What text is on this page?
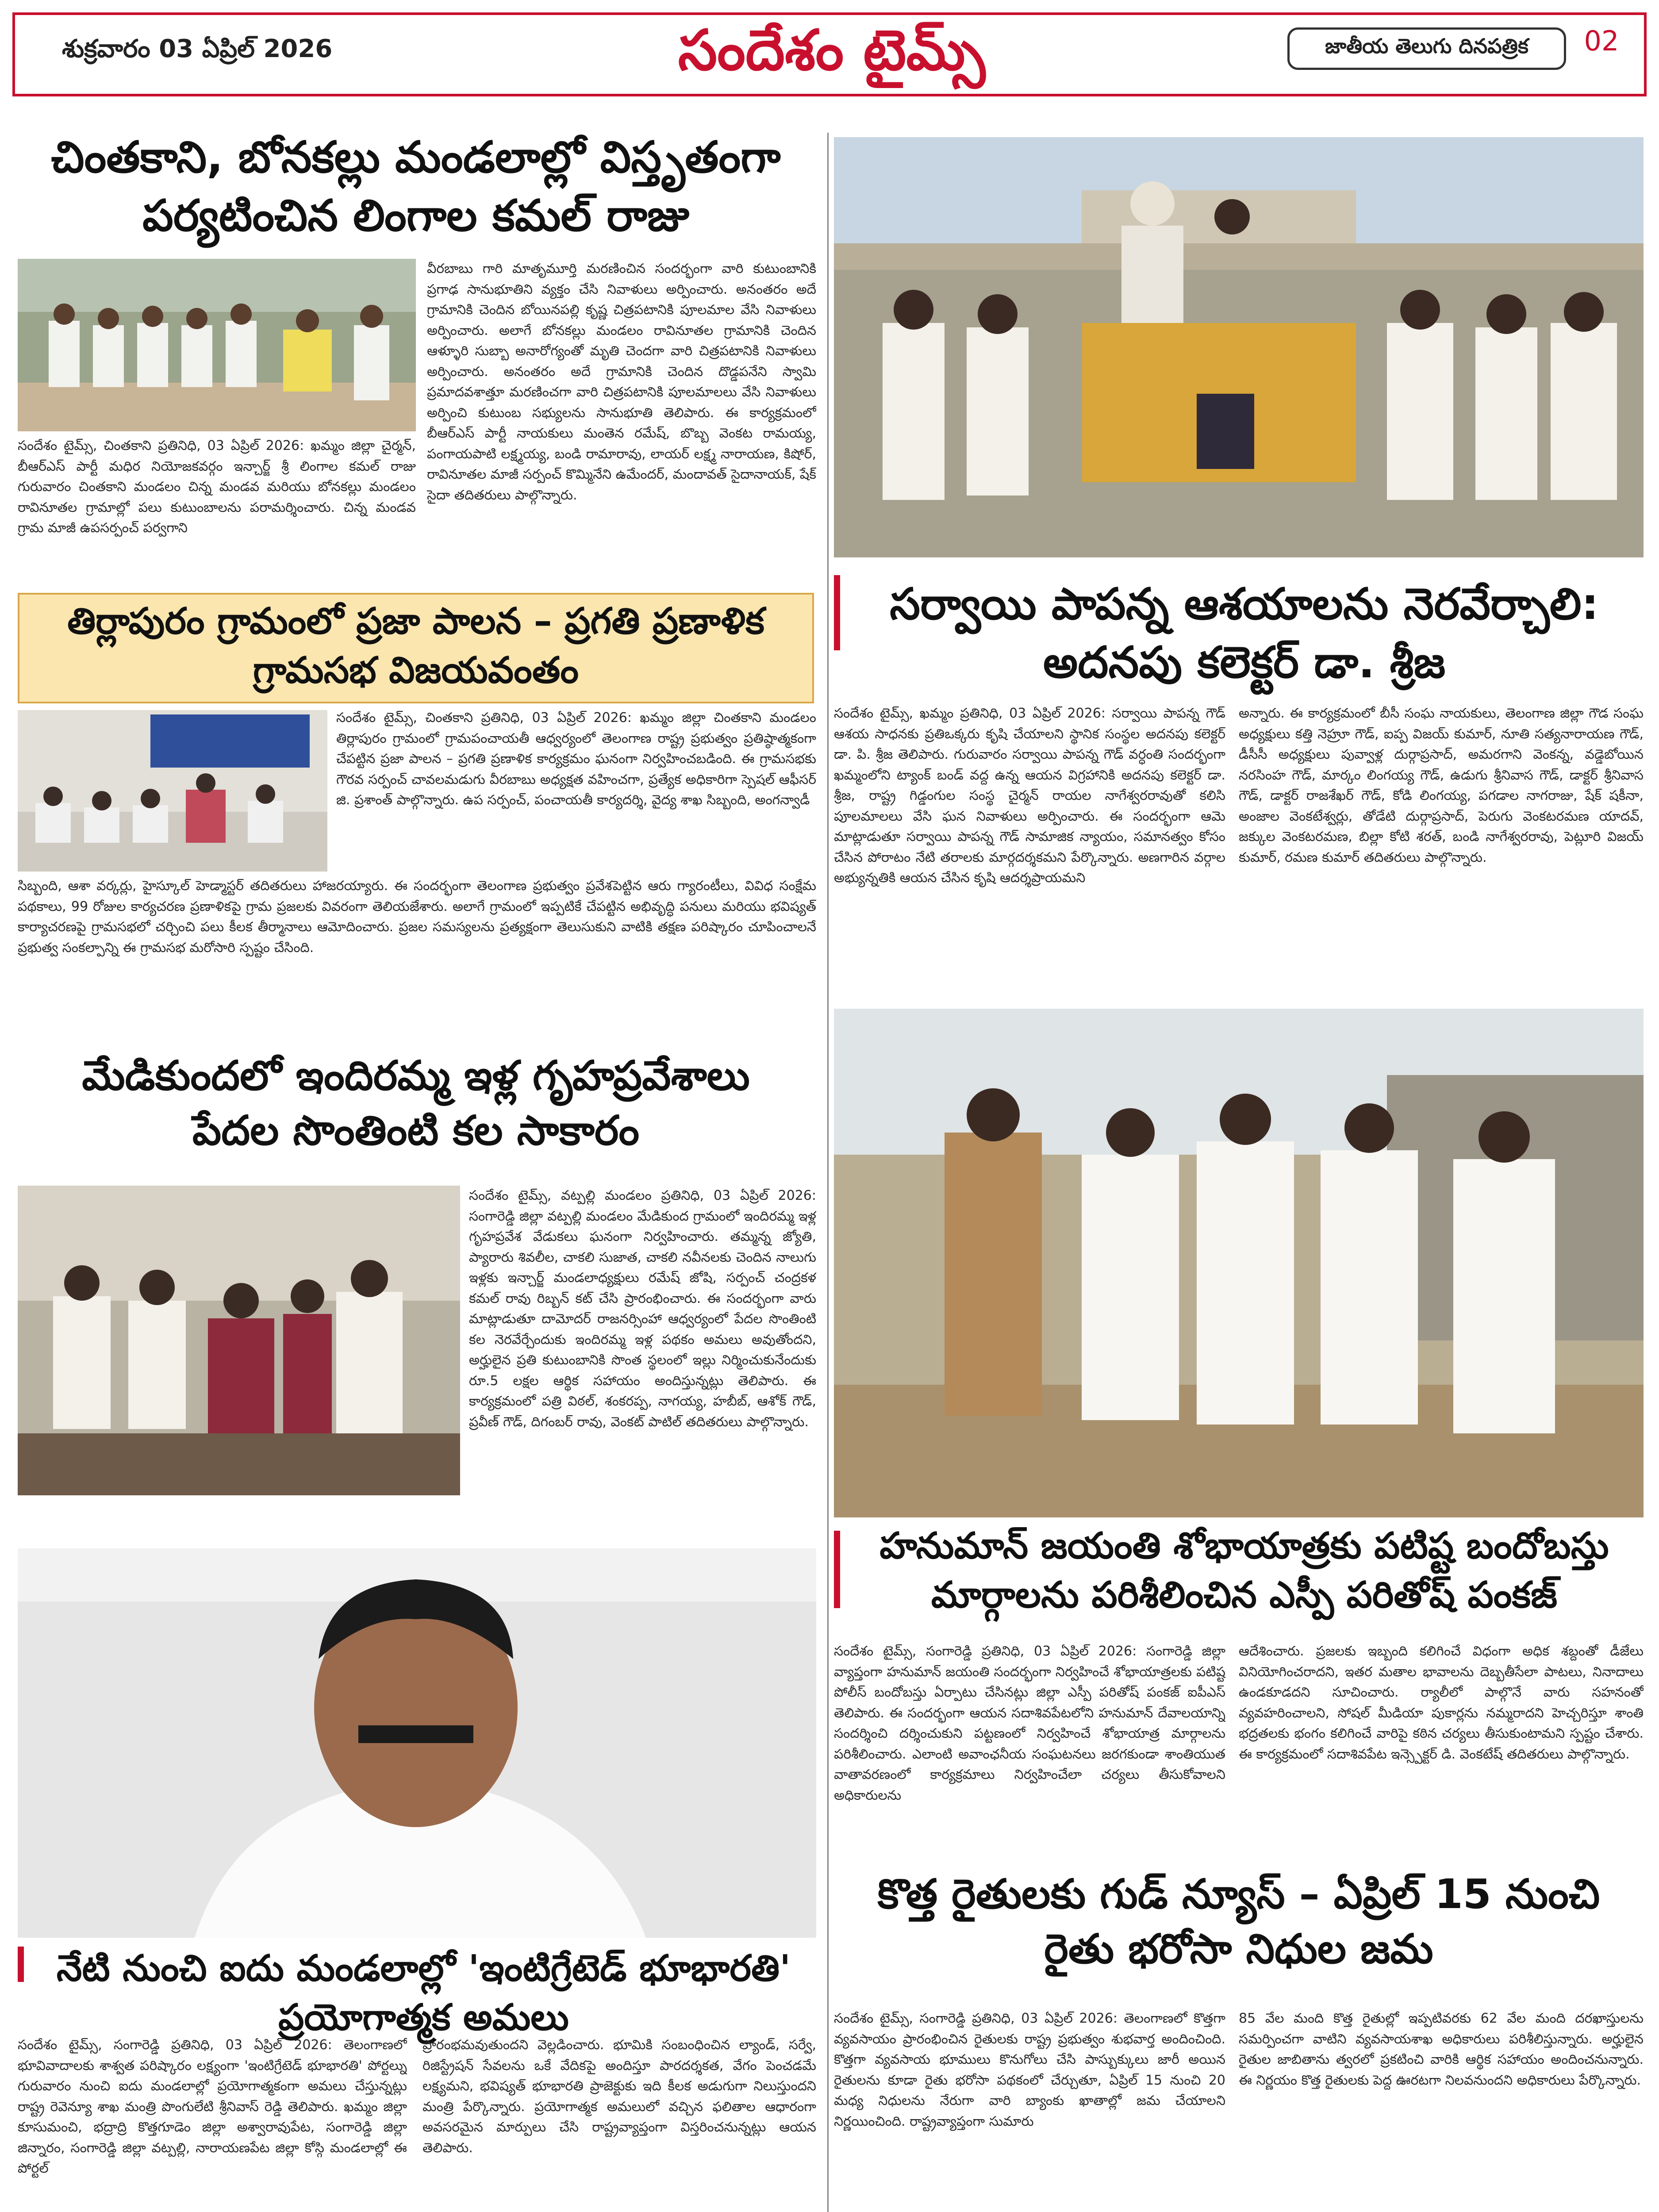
శుక్రవారం 03 ఏప్రిల్ 2026	సందేశం టైమ్స్	జాతీయ తెలుగు దినపత్రిక	02
చింతకాని, బోనకల్లు మండలాల్లో విస్తృతంగా
పర్యటించిన లింగాల కమల్ రాజు
సందేశం టైమ్స్, చింతకాని ప్రతినిధి, 03 ఏప్రిల్ 2026: ఖమ్మం జిల్లా చైర్మన్, బీఆర్ఎస్ పార్టీ మధిర నియోజకవర్గం ఇన్చార్జ్ శ్రీ లింగాల కమల్ రాజు గురువారం చింతకాని మండలం చిన్న మండవ మరియు బోనకల్లు మండలం రావినూతల గ్రామాల్లో పలు కుటుంబాలను పరామర్శించారు. చిన్న మండవ గ్రామ మాజీ ఉపసర్పంచ్ పర్వగాని
వీరబాబు గారి మాతృమూర్తి మరణించిన సందర్భంగా వారి కుటుంబానికి ప్రగాఢ సానుభూతిని వ్యక్తం చేసి నివాళులు అర్పించారు. అనంతరం అదే గ్రామానికి చెందిన బోయినపల్లి కృష్ణ చిత్రపటానికి పూలమాల వేసి నివాళులు అర్పించారు. అలాగే బోనకల్లు మండలం రావినూతల గ్రామానికి చెందిన ఆళ్ళూరి సుబ్బా అనారోగ్యంతో మృతి చెందగా వారి చిత్రపటానికి నివాళులు అర్పించారు. అనంతరం అదే గ్రామానికి చెందిన దొడ్డపనేని స్వామి ప్రమాదవశాత్తూ మరణించగా వారి చిత్రపటానికి పూలమాలలు వేసి నివాళులు అర్పించి కుటుంబ సభ్యులను సానుభూతి తెలిపారు. ఈ కార్యక్రమంలో బీఆర్ఎస్ పార్టీ నాయకులు మంతెన రమేష్, బొబ్బ వెంకట రామయ్య, పంగాయపాటి లక్ష్మయ్య, బండి రామారావు, లాయర్ లక్ష్మ నారాయణ, కిషోర్, రావినూతల మాజీ సర్పంచ్ కొమ్మినేని ఉమేందర్, మందావత్ సైదానాయక్, షేక్ సైదా తదితరులు పాల్గొన్నారు.
తిర్లాపురం గ్రామంలో ప్రజా పాలన – ప్రగతి ప్రణాళిక
గ్రామసభ విజయవంతం
సందేశం టైమ్స్, చింతకాని ప్రతినిధి, 03 ఏప్రిల్ 2026: ఖమ్మం జిల్లా చింతకాని మండలం తిర్లాపురం గ్రామంలో గ్రామపంచాయతీ ఆధ్వర్యంలో తెలంగాణ రాష్ట్ర ప్రభుత్వం ప్రతిష్ఠాత్మకంగా చేపట్టిన ప్రజా పాలన – ప్రగతి ప్రణాళిక కార్యక్రమం ఘనంగా నిర్వహించబడింది. ఈ గ్రామసభకు గౌరవ సర్పంచ్ చావలమడుగు వీరబాబు అధ్యక్షత వహించగా, ప్రత్యేక అధికారిగా స్పెషల్ ఆఫీసర్ జి. ప్రశాంత్ పాల్గొన్నారు. ఉప సర్పంచ్, పంచాయతీ కార్యదర్శి, వైద్య శాఖ సిబ్బంది, అంగన్వాడీ
సిబ్బంది, ఆశా వర్కర్లు, హైస్కూల్ హెడ్మాస్టర్ తదితరులు హాజరయ్యారు. ఈ సందర్భంగా తెలంగాణ ప్రభుత్వం ప్రవేశపెట్టిన ఆరు గ్యారంటీలు, వివిధ సంక్షేమ పథకాలు, 99 రోజుల కార్యచరణ ప్రణాళికపై గ్రామ ప్రజలకు వివరంగా తెలియజేశారు. అలాగే గ్రామంలో ఇప్పటికే చేపట్టిన అభివృద్ధి పనులు మరియు భవిష్యత్ కార్యాచరణపై గ్రామసభలో చర్చించి పలు కీలక తీర్మానాలు ఆమోదించారు. ప్రజల సమస్యలను ప్రత్యక్షంగా తెలుసుకుని వాటికి తక్షణ పరిష్కారం చూపించాలనే ప్రభుత్వ సంకల్పాన్ని ఈ గ్రామసభ మరోసారి స్పష్టం చేసింది.
మేడికుందలో ఇందిరమ్మ ఇళ్ల గృహప్రవేశాలు
పేదల సొంతింటి కల సాకారం
సందేశం టైమ్స్, వట్పల్లి మండలం ప్రతినిధి, 03 ఏప్రిల్ 2026: సంగారెడ్డి జిల్లా వట్పల్లి మండలం మేడికుంద గ్రామంలో ఇందిరమ్మ ఇళ్ల గృహప్రవేశ వేడుకలు ఘనంగా నిర్వహించారు. తమ్మన్న జ్యోతి, ప్యారారు శివలీల, చాకలి సుజాత, చాకలి నవీనలకు చెందిన నాలుగు ఇళ్లకు ఇన్చార్జ్ మండలాధ్యక్షులు రమేష్ జోషి, సర్పంచ్ చంద్రకళ కమల్ రావు రిబ్బన్ కట్ చేసి ప్రారంభించారు. ఈ సందర్భంగా వారు మాట్లాడుతూ దామోదర్ రాజనర్సింహా ఆధ్వర్యంలో పేదల సొంతింటి కల నెరవేర్చేందుకు ఇందిరమ్మ ఇళ్ల పథకం అమలు అవుతోందని, అర్హులైన ప్రతి కుటుంబానికి సొంత స్థలంలో ఇల్లు నిర్మించుకునేందుకు రూ.5 లక్షల ఆర్థిక సహాయం అందిస్తున్నట్లు తెలిపారు. ఈ కార్యక్రమంలో పత్రి విఠల్, శంకరప్ప, నాగయ్య, హబీబ్, ఆశోక్ గౌడ్, ప్రవీణ్ గౌడ్, దిగంబర్ రావు, వెంకట్ పాటిల్ తదితరులు పాల్గొన్నారు.
నేటి నుంచి ఐదు మండలాల్లో 'ఇంటిగ్రేటెడ్ భూభారతి'
ప్రయోగాత్మక అమలు
సందేశం టైమ్స్, సంగారెడ్డి ప్రతినిధి, 03 ఏప్రిల్ 2026: తెలంగాణలో భూవివాదాలకు శాశ్వత పరిష్కారం లక్ష్యంగా 'ఇంటిగ్రేటెడ్ భూభారతి' పోర్టల్ను గురువారం నుంచి ఐదు మండలాల్లో ప్రయోగాత్మకంగా అమలు చేస్తున్నట్లు రాష్ట్ర రెవెన్యూ శాఖ మంత్రి పొంగులేటి శ్రీనివాస్ రెడ్డి తెలిపారు. ఖమ్మం జిల్లా కూసుమంచి, భద్రాద్రి కొత్తగూడెం జిల్లా అశ్వారావుపేట, సంగారెడ్డి జిల్లా జిన్నారం, సంగారెడ్డి జిల్లా వట్పల్లి, నారాయణపేట జిల్లా కోస్గి మండలాల్లో ఈ పోర్టల్
ప్రారంభమవుతుందని వెల్లడించారు. భూమికి సంబంధించిన ల్యాండ్, సర్వే, రిజిస్ట్రేషన్ సేవలను ఒకే వేదికపై అందిస్తూ పారదర్శకత, వేగం పెంచడమే లక్ష్యమని, భవిష్యత్ భూభారతి ప్రాజెక్టుకు ఇది కీలక అడుగుగా నిలుస్తుందని మంత్రి పేర్కొన్నారు. ప్రయోగాత్మక అమలులో వచ్చిన ఫలితాల ఆధారంగా అవసరమైన మార్పులు చేసి రాష్ట్రవ్యాప్తంగా విస్తరించనున్నట్లు ఆయన తెలిపారు.
సర్వాయి పాపన్న ఆశయాలను నెరవేర్చాలి:
అదనపు కలెక్టర్ డా. శ్రీజ
సందేశం టైమ్స్, ఖమ్మం ప్రతినిధి, 03 ఏప్రిల్ 2026: సర్వాయి పాపన్న గౌడ్ ఆశయ సాధనకు ప్రతిఒక్కరు కృషి చేయాలని స్థానిక సంస్థల అదనపు కలెక్టర్ డా. పి. శ్రీజ తెలిపారు. గురువారం సర్వాయి పాపన్న గౌడ్ వర్ధంతి సందర్భంగా ఖమ్మంలోని ట్యాంక్ బండ్ వద్ద ఉన్న ఆయన విగ్రహానికి అదనపు కలెక్టర్ డా. శ్రీజ, రాష్ట్ర గిడ్డంగుల సంస్థ చైర్మన్ రాయల నాగేశ్వరరావుతో కలిసి పూలమాలలు వేసి ఘన నివాళులు అర్పించారు. ఈ సందర్భంగా ఆమె మాట్లాడుతూ సర్వాయి పాపన్న గౌడ్ సామాజిక న్యాయం, సమానత్వం కోసం చేసిన పోరాటం నేటి తరాలకు మార్గదర్శకమని పేర్కొన్నారు. అణగారిన వర్గాల అభ్యున్నతికి ఆయన చేసిన కృషి ఆదర్శప్రాయమని
అన్నారు. ఈ కార్యక్రమంలో బీసీ సంఘ నాయకులు, తెలంగాణ జిల్లా గౌడ సంఘ అధ్యక్షులు కత్తి నెహ్రూ గౌడ్, ఐప్ప విజయ్ కుమార్, నూతి సత్యనారాయణ గౌడ్, డీసీసీ అధ్యక్షులు పువ్వాళ్ల దుర్గాప్రసాద్, అమరగాని వెంకన్న, వడ్డెబోయిన నరసింహ గౌడ్, మార్కం లింగయ్య గౌడ్, ఉడుగు శ్రీనివాస గౌడ్, డాక్టర్ శ్రీనివాస గౌడ్, డాక్టర్ రాజశేఖర్ గౌడ్, కోడి లింగయ్య, పగడాల నాగరాజు, షేక్ షకీనా, అంజాల వెంకటేశ్వర్లు, తోడేటి దుర్గాప్రసాద్, పెరుగు వెంకటరమణ యాదవ్, జక్కుల వెంకటరమణ, బిల్లా కోటి శరత్, బండి నాగేశ్వరరావు, పెట్లూరి విజయ్ కుమార్, రమణ కుమార్ తదితరులు పాల్గొన్నారు.
హనుమాన్ జయంతి శోభాయాత్రకు పటిష్ట బందోబస్తు
మార్గాలను పరిశీలించిన ఎస్పీ పరితోష్ పంకజ్
సందేశం టైమ్స్, సంగారెడ్డి ప్రతినిధి, 03 ఏప్రిల్ 2026: సంగారెడ్డి జిల్లా వ్యాప్తంగా హనుమాన్ జయంతి సందర్భంగా నిర్వహించే శోభాయాత్రలకు పటిష్ట పోలీస్ బందోబస్తు ఏర్పాటు చేసినట్లు జిల్లా ఎస్పీ పరితోష్ పంకజ్ ఐపీఎస్ తెలిపారు. ఈ సందర్భంగా ఆయన సదాశివపేటలోని హనుమాన్ దేవాలయాన్ని సందర్శించి దర్శించుకుని పట్టణంలో నిర్వహించే శోభాయాత్ర మార్గాలను పరిశీలించారు. ఎలాంటి అవాంఛనీయ సంఘటనలు జరగకుండా శాంతియుత వాతావరణంలో కార్యక్రమాలు నిర్వహించేలా చర్యలు తీసుకోవాలని అధికారులను
ఆదేశించారు. ప్రజలకు ఇబ్బంది కలిగించే విధంగా అధిక శబ్దంతో డీజేలు వినియోగించరాదని, ఇతర మతాల భావాలను దెబ్బతీసేలా పాటలు, నినాదాలు ఉండకూడదని సూచించారు. ర్యాలీలో పాల్గొనే వారు సహనంతో వ్యవహరించాలని, సోషల్ మీడియా పుకార్లను నమ్మరాదని హెచ్చరిస్తూ శాంతి భద్రతలకు భంగం కలిగించే వారిపై కఠిన చర్యలు తీసుకుంటామని స్పష్టం చేశారు. ఈ కార్యక్రమంలో సదాశివపేట ఇన్స్పెక్టర్ డి. వెంకటేష్ తదితరులు పాల్గొన్నారు.
కొత్త రైతులకు గుడ్ న్యూస్ – ఏప్రిల్ 15 నుంచి
రైతు భరోసా నిధుల జమ
సందేశం టైమ్స్, సంగారెడ్డి ప్రతినిధి, 03 ఏప్రిల్ 2026: తెలంగాణలో కొత్తగా వ్యవసాయం ప్రారంభించిన రైతులకు రాష్ట్ర ప్రభుత్వం శుభవార్త అందించింది. కొత్తగా వ్యవసాయ భూములు కొనుగోలు చేసి పాస్బుక్కులు జారీ అయిన రైతులను కూడా రైతు భరోసా పథకంలో చేర్చుతూ, ఏప్రిల్ 15 నుంచి 20 మధ్య నిధులను నేరుగా వారి బ్యాంకు ఖాతాల్లో జమ చేయాలని నిర్ణయించింది. రాష్ట్రవ్యాప్తంగా సుమారు
85 వేల మంది కొత్త రైతుల్లో ఇప్పటివరకు 62 వేల మంది దరఖాస్తులను సమర్పించగా వాటిని వ్యవసాయశాఖ అధికారులు పరిశీలిస్తున్నారు. అర్హులైన రైతుల జాబితాను త్వరలో ప్రకటించి వారికి ఆర్థిక సహాయం అందించనున్నారు. ఈ నిర్ణయం కొత్త రైతులకు పెద్ద ఊరటగా నిలవనుందని అధికారులు పేర్కొన్నారు.
